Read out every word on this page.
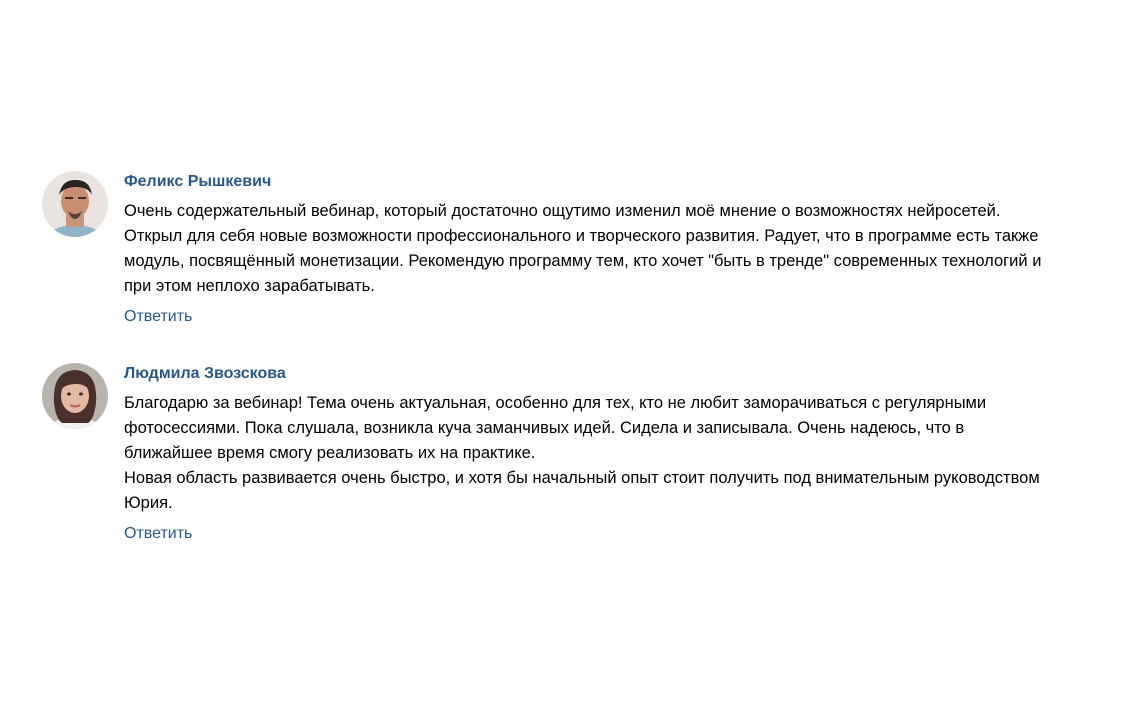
Феликс Рышкевич

Очень содержательный вебинар, который достаточно ощутимо изменил моё мнение о возможностях нейросетей. Открыл для себя новые возможности профессионального и творческого развития. Радует, что в программе есть также модуль, посвящённый монетизации. Рекомендую программу тем, кто хочет "быть в тренде" современных технологий и при этом неплохо зарабатывать.

Ответить
Людмила Звозскова

Благодарю за вебинар! Тема очень актуальная, особенно для тех, кто не любит заморачиваться с регулярными фотосессиями. Пока слушала, возникла куча заманчивых идей. Сидела и записывала. Очень надеюсь, что в ближайшее время смогу реализовать их на практике.

Новая область развивается очень быстро, и хотя бы начальный опыт стоит получить под внимательным руководством Юрия.

Ответить
